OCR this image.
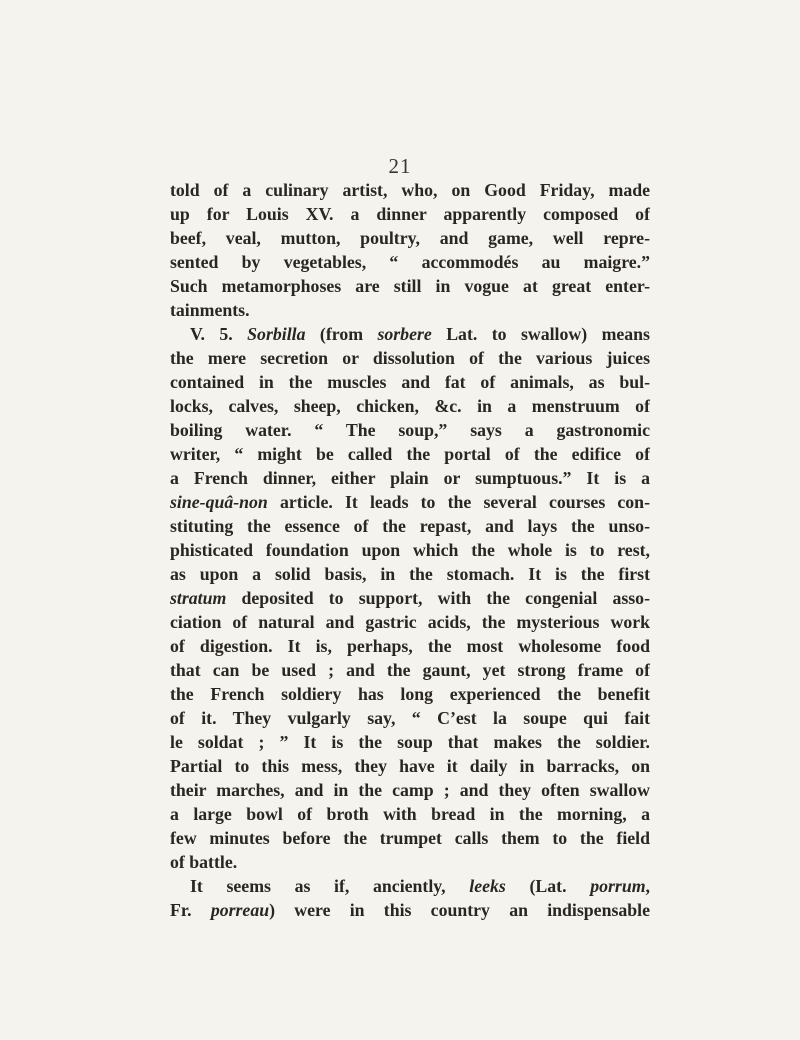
21
told of a culinary artist, who, on Good Friday, made
up for Louis XV. a dinner apparently composed of
beef, veal, mutton, poultry, and game, well repre-
sented by vegetables, “ accommodés au maigre.”
Such metamorphoses are still in vogue at great enter-
tainments.
V. 5. Sorbilla (from sorbere Lat. to swallow) means
the mere secretion or dissolution of the various juices
contained in the muscles and fat of animals, as bul-
locks, calves, sheep, chicken, &c. in a menstruum of
boiling water. “ The soup,” says a gastronomic
writer, “ might be called the portal of the edifice of
a French dinner, either plain or sumptuous.” It is a
sine-quâ-non article. It leads to the several courses con-
stituting the essence of the repast, and lays the unso-
phisticated foundation upon which the whole is to rest,
as upon a solid basis, in the stomach. It is the first
stratum deposited to support, with the congenial asso-
ciation of natural and gastric acids, the mysterious work
of digestion. It is, perhaps, the most wholesome food
that can be used ; and the gaunt, yet strong frame of
the French soldiery has long experienced the benefit
of it. They vulgarly say, “ C’est la soupe qui fait
le soldat ; ” It is the soup that makes the soldier.
Partial to this mess, they have it daily in barracks, on
their marches, and in the camp ; and they often swallow
a large bowl of broth with bread in the morning, a
few minutes before the trumpet calls them to the field
of battle.
It seems as if, anciently, leeks (Lat. porrum,
Fr. porreau) were in this country an indispensable
